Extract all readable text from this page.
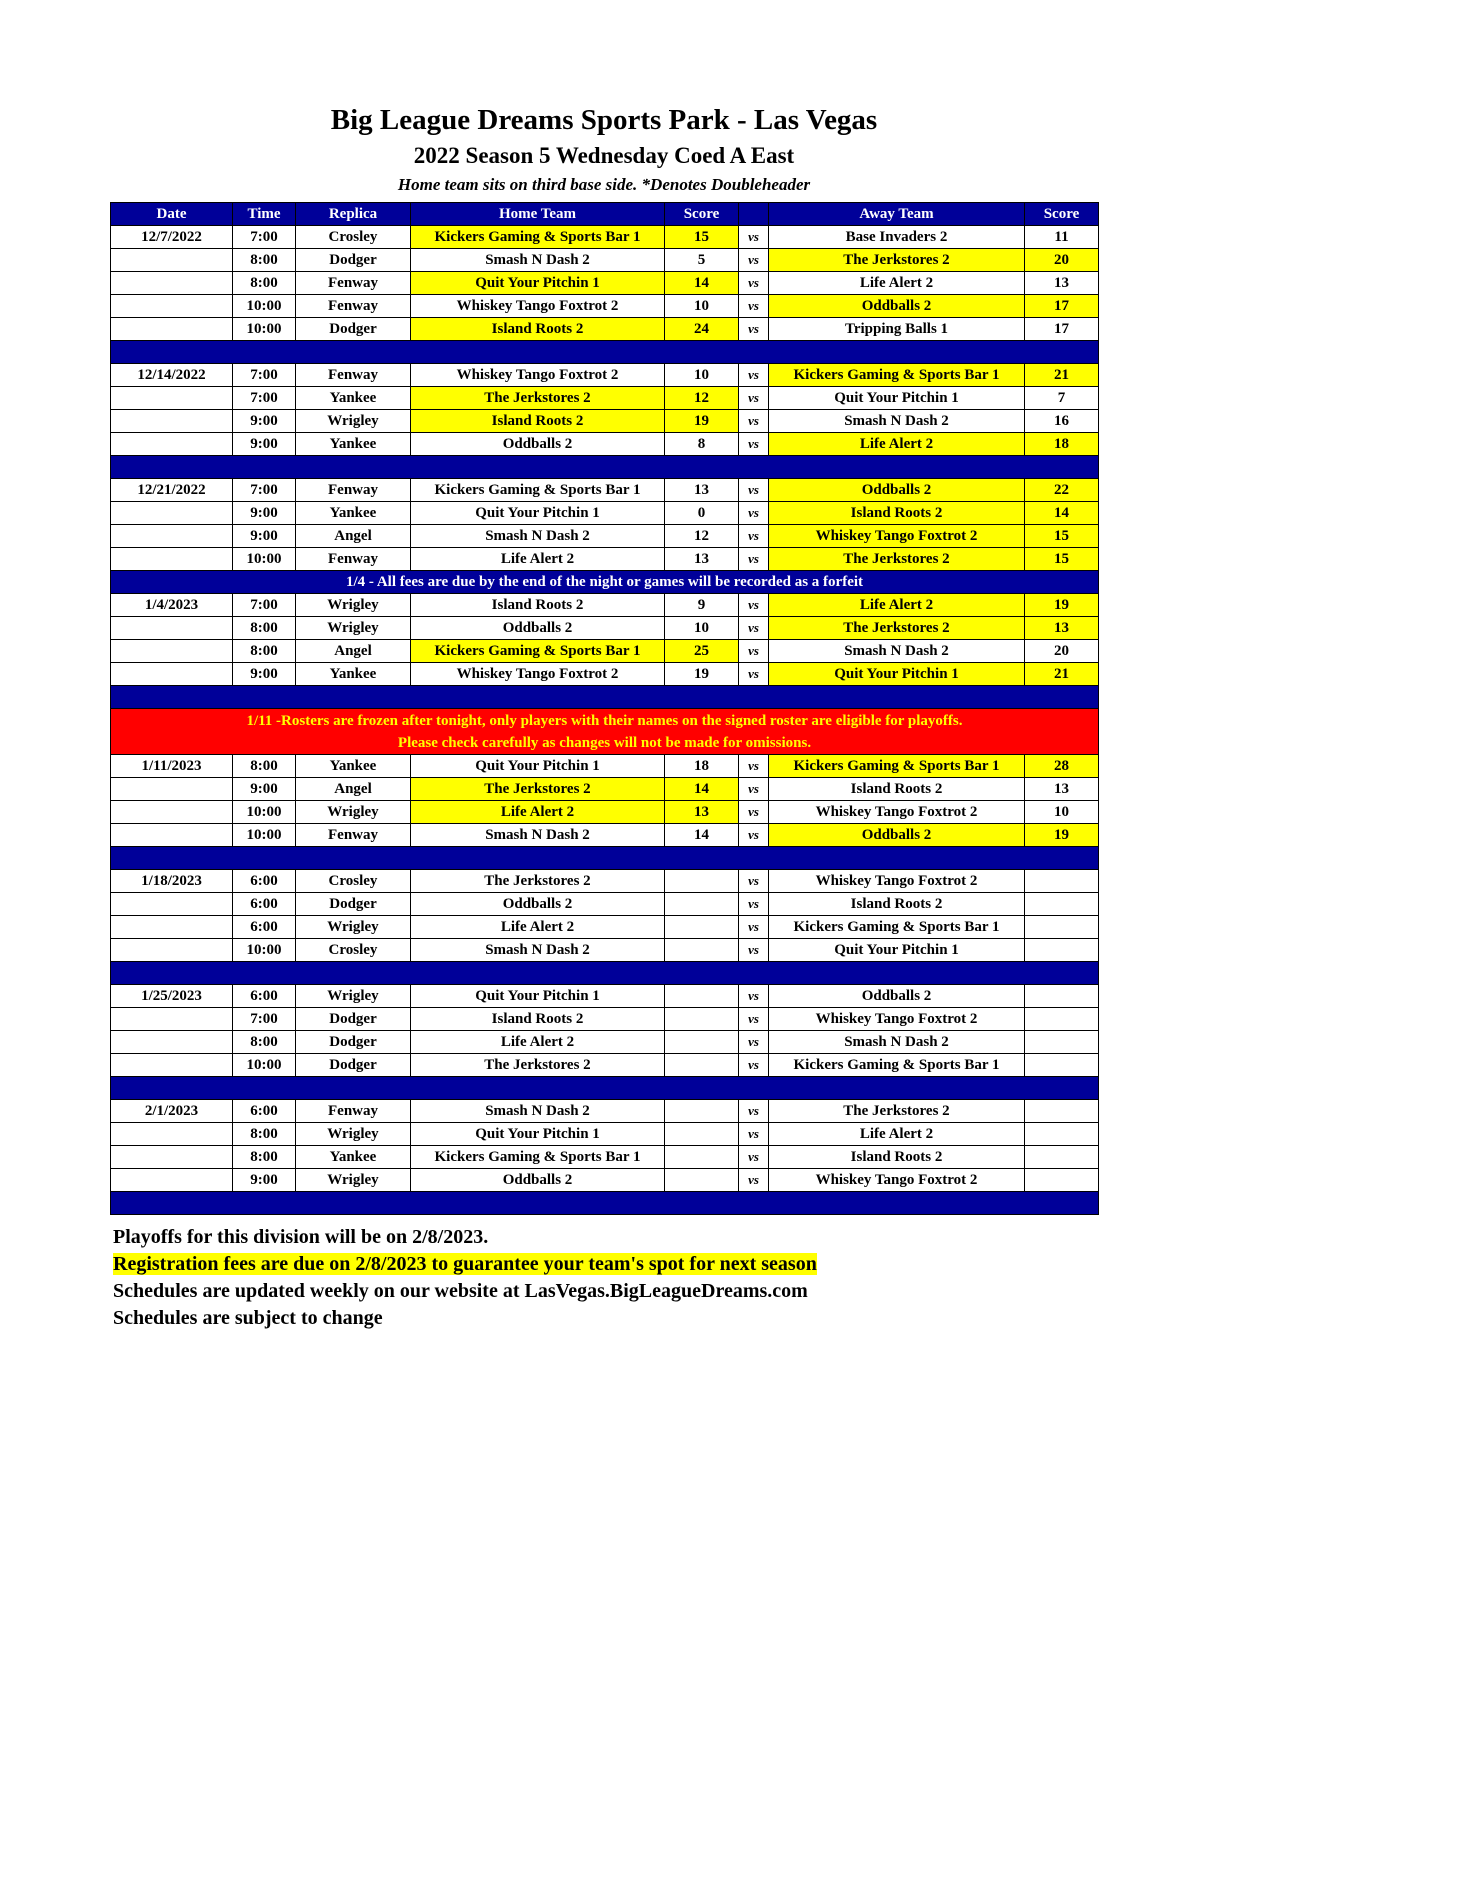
Big League Dreams Sports Park - Las Vegas
2022 Season 5 Wednesday Coed A East
Home team sits on third base side. *Denotes Doubleheader
Date	Time	Replica	Home Team	Score		Away Team	Score
12/7/2022	7:00	Crosley	Kickers Gaming & Sports Bar 1	15	vs	Base Invaders 2	11
	8:00	Dodger	Smash N Dash 2	5	vs	The Jerkstores 2	20
	8:00	Fenway	Quit Your Pitchin 1	14	vs	Life Alert 2	13
	10:00	Fenway	Whiskey Tango Foxtrot 2	10	vs	Oddballs 2	17
	10:00	Dodger	Island Roots 2	24	vs	Tripping Balls 1	17

12/14/2022	7:00	Fenway	Whiskey Tango Foxtrot 2	10	vs	Kickers Gaming & Sports Bar 1	21
	7:00	Yankee	The Jerkstores 2	12	vs	Quit Your Pitchin 1	7
	9:00	Wrigley	Island Roots 2	19	vs	Smash N Dash 2	16
	9:00	Yankee	Oddballs 2	8	vs	Life Alert 2	18

12/21/2022	7:00	Fenway	Kickers Gaming & Sports Bar 1	13	vs	Oddballs 2	22
	9:00	Yankee	Quit Your Pitchin 1	0	vs	Island Roots 2	14
	9:00	Angel	Smash N Dash 2	12	vs	Whiskey Tango Foxtrot 2	15
	10:00	Fenway	Life Alert 2	13	vs	The Jerkstores 2	15
1/4 - All fees are due by the end of the night or games will be recorded as a forfeit							
1/4/2023	7:00	Wrigley	Island Roots 2	9	vs	Life Alert 2	19
	8:00	Wrigley	Oddballs 2	10	vs	The Jerkstores 2	13
	8:00	Angel	Kickers Gaming & Sports Bar 1	25	vs	Smash N Dash 2	20
	9:00	Yankee	Whiskey Tango Foxtrot 2	19	vs	Quit Your Pitchin 1	21

1/11 -Rosters are frozen after tonight, only players with their names on the signed roster are eligible for playoffs.
Please check carefully as changes will not be made for omissions.							

1/11/2023	8:00	Yankee	Quit Your Pitchin 1	18	vs	Kickers Gaming & Sports Bar 1	28
	9:00	Angel	The Jerkstores 2	14	vs	Island Roots 2	13
	10:00	Wrigley	Life Alert 2	13	vs	Whiskey Tango Foxtrot 2	10
	10:00	Fenway	Smash N Dash 2	14	vs	Oddballs 2	19

1/18/2023	6:00	Crosley	The Jerkstores 2		vs	Whiskey Tango Foxtrot 2	
	6:00	Dodger	Oddballs 2		vs	Island Roots 2	
	6:00	Wrigley	Life Alert 2		vs	Kickers Gaming & Sports Bar 1	
	10:00	Crosley	Smash N Dash 2		vs	Quit Your Pitchin 1	

1/25/2023	6:00	Wrigley	Quit Your Pitchin 1		vs	Oddballs 2	
	7:00	Dodger	Island Roots 2		vs	Whiskey Tango Foxtrot 2	
	8:00	Dodger	Life Alert 2		vs	Smash N Dash 2	
	10:00	Dodger	The Jerkstores 2		vs	Kickers Gaming & Sports Bar 1	

2/1/2023	6:00	Fenway	Smash N Dash 2		vs	The Jerkstores 2	
	8:00	Wrigley	Quit Your Pitchin 1		vs	Life Alert 2	
	8:00	Yankee	Kickers Gaming & Sports Bar 1		vs	Island Roots 2	
	9:00	Wrigley	Oddballs 2		vs	Whiskey Tango Foxtrot 2	

Playoffs for this division will be on 2/8/2023.
Registration fees are due on 2/8/2023 to guarantee your team's spot for next season
Schedules are updated weekly on our website at LasVegas.BigLeagueDreams.com
Schedules are subject to change
